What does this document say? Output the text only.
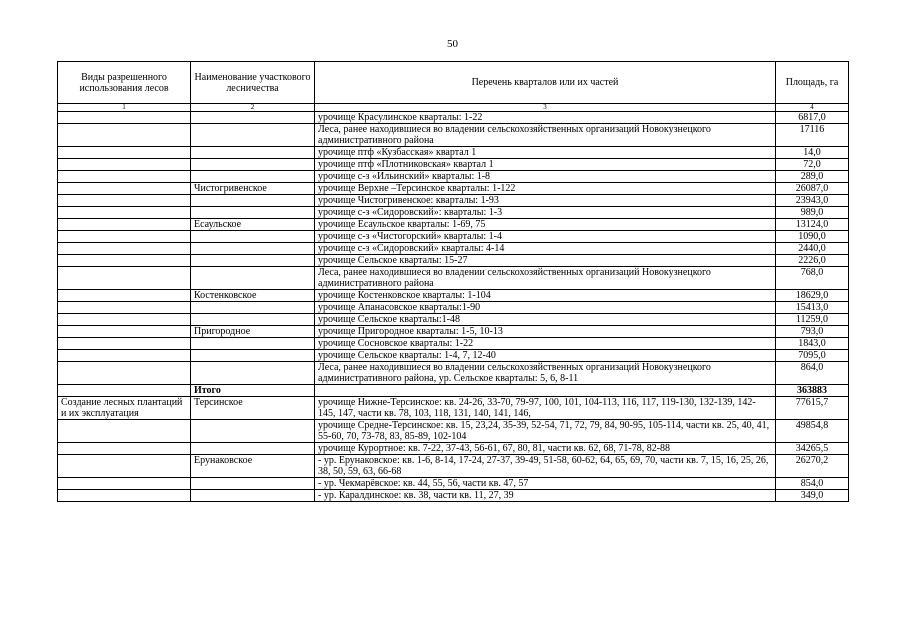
50
Виды разрешенного использования лесов	Наименование участкового лесничества	Перечень кварталов или их частей	Площадь, га
1	2	3	4
		урочище Красулинское кварталы: 1-22	6817,0
		Леса, ранее находившиеся во владении сельскохозяйственных организаций Новокузнецкого административного района	17116
		урочище птф «Кузбасская» квартал 1	14,0
		урочище птф «Плотниковская» квартал 1	72,0
		урочище с-з «Ильинский» кварталы: 1-8	289,0
	Чистогривенское	урочище Верхне –Терсинское кварталы: 1-122	26087,0
		урочище Чистогривенское: кварталы: 1-93	23943,0
		урочище с-з «Сидоровский»: кварталы: 1-3	989,0
	Есаульское	урочище Есаульское кварталы: 1-69, 75	13124,0
		урочище с-з «Чистогорский» кварталы: 1-4	1090,0
		урочище с-з «Сидоровский» кварталы: 4-14	2440,0
		урочище Сельское кварталы: 15-27	2226,0
		Леса, ранее находившиеся во владении сельскохозяйственных организаций Новокузнецкого административного района	768,0
	Костенковское	урочище Костенковское кварталы: 1-104	18629,0
		урочище Апанасовское кварталы:1-90	15413,0
		урочище Сельское кварталы:1-48	11259,0
	Пригородное	урочище Пригородное кварталы: 1-5, 10-13	793,0
		урочище Сосновское кварталы: 1-22	1843,0
		урочище Сельское кварталы: 1-4, 7, 12-40	7095,0
		Леса, ранее находившиеся во владении сельскохозяйственных организаций Новокузнецкого административного района, ур. Сельское кварталы: 5, 6, 8-11	864,0
	Итого		363883
Создание лесных плантаций и их эксплуатация	Терсинское	урочище Нижне-Терсинское: кв. 24-26, 33-70, 79-97, 100, 101, 104-113, 116, 117, 119-130, 132-139, 142-145, 147, части кв. 78, 103, 118, 131, 140, 141, 146,	77615,7
		урочище Средне-Терсинское: кв. 15, 23,24, 35-39, 52-54, 71, 72, 79, 84, 90-95, 105-114, части кв. 25, 40, 41, 55-60, 70, 73-78, 83, 85-89, 102-104	49854,8
		урочище Курортное: кв. 7-22, 37-43, 56-61, 67, 80, 81, части кв. 62, 68, 71-78, 82-88	34265,5
	Ерунаковское	- ур. Ерунаковское: кв. 1-6, 8-14, 17-24, 27-37, 39-49, 51-58, 60-62, 64, 65, 69, 70, части кв. 7, 15, 16, 25, 26, 38, 50, 59, 63, 66-68	26270,2
		- ур. Чекмарёвское: кв. 44, 55, 56, части кв. 47, 57	854,0
		- ур. Каралдинское: кв. 38, части кв. 11, 27, 39	349,0
